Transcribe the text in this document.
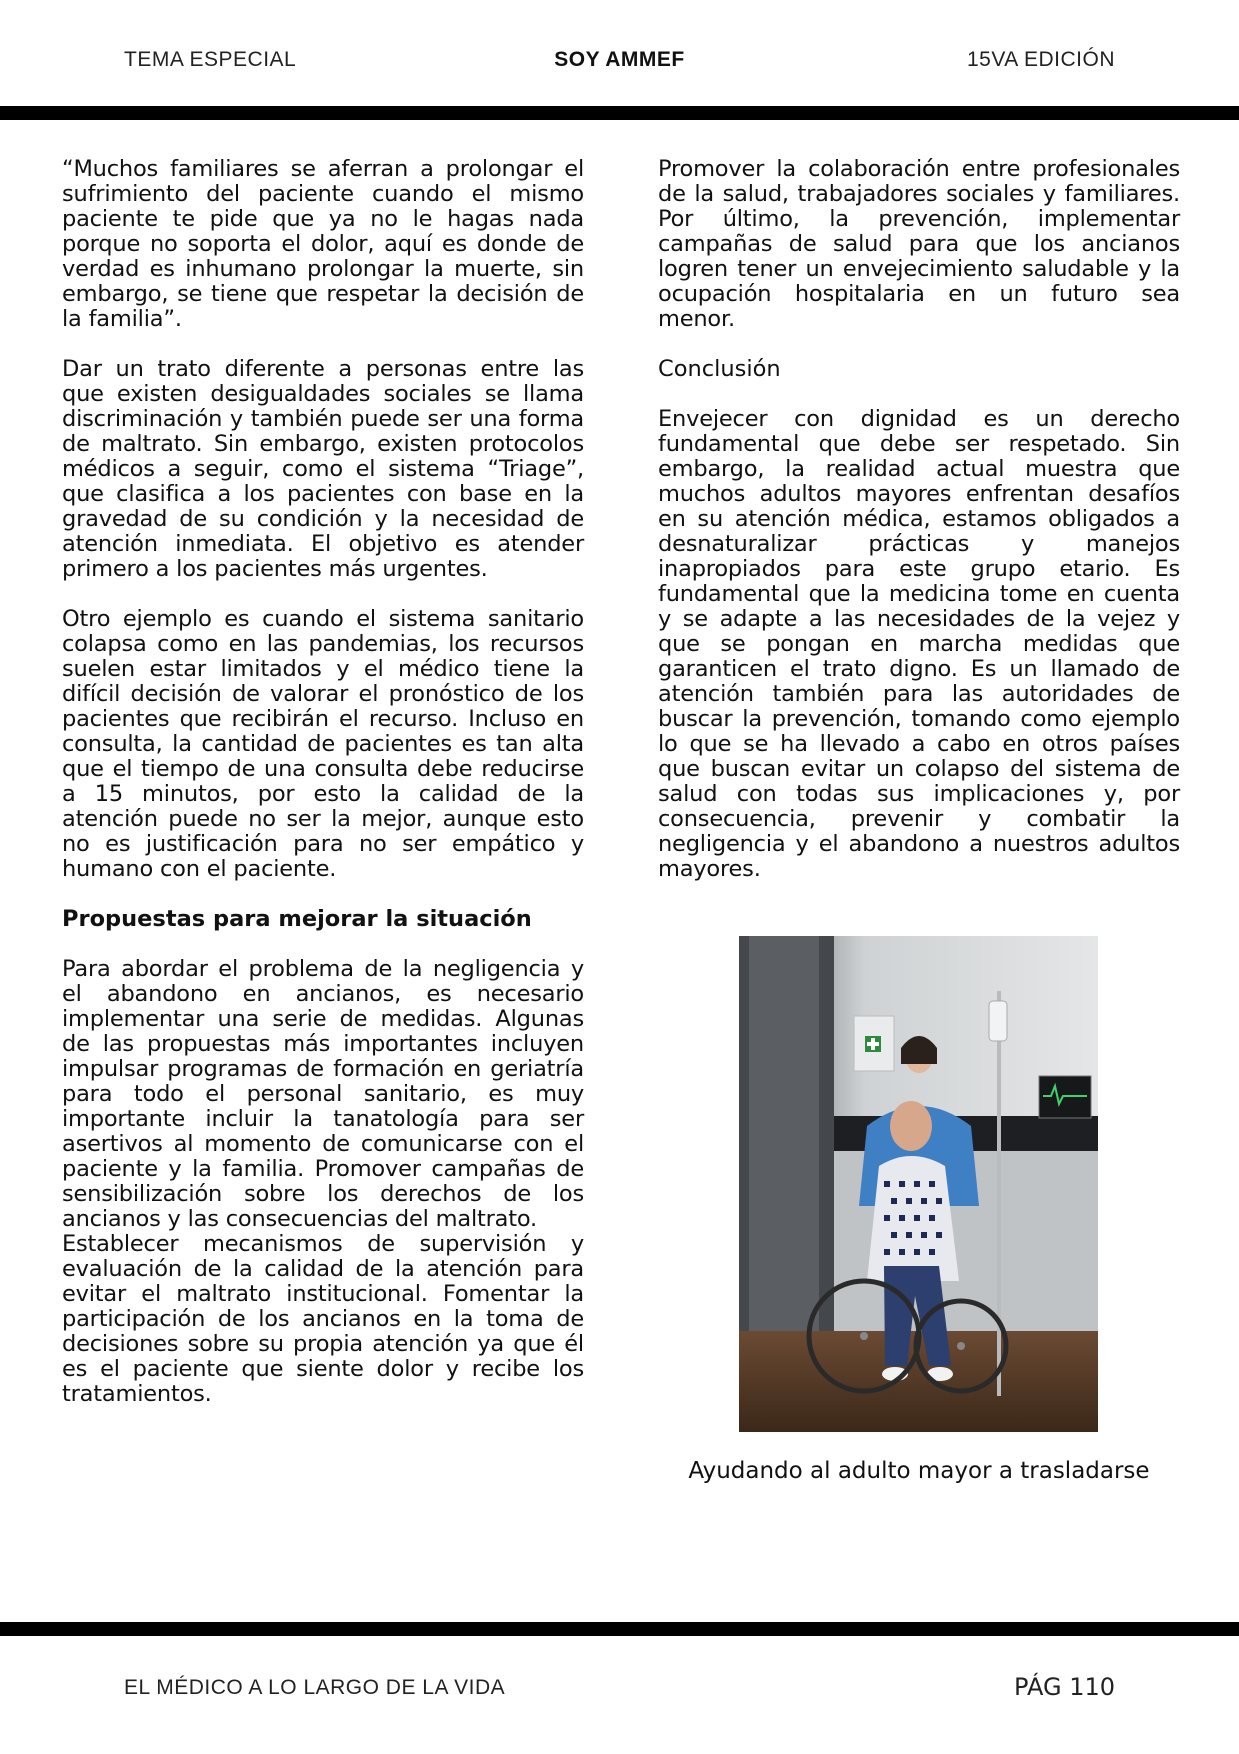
TEMA ESPECIAL	SOY AMMEF	15VA EDICIÓN

“Muchos familiares se aferran a prolongar el sufrimiento del paciente cuando el mismo paciente te pide que ya no le hagas nada porque no soporta el dolor, aquí es donde de verdad es inhumano prolongar la muerte, sin embargo, se tiene que respetar la decisión de la familia”.

Dar un trato diferente a personas entre las que existen desigualdades sociales se llama discriminación y también puede ser una forma de maltrato. Sin embargo, existen protocolos médicos a seguir, como el sistema “Triage”, que clasifica a los pacientes con base en la gravedad de su condición y la necesidad de atención inmediata. El objetivo es atender primero a los pacientes más urgentes.

Otro ejemplo es cuando el sistema sanitario colapsa como en las pandemias, los recursos suelen estar limitados y el médico tiene la difícil decisión de valorar el pronóstico de los pacientes que recibirán el recurso. Incluso en consulta, la cantidad de pacientes es tan alta que el tiempo de una consulta debe reducirse a 15 minutos, por esto la calidad de la atención puede no ser la mejor, aunque esto no es justificación para no ser empático y humano con el paciente.

Propuestas para mejorar la situación

Para abordar el problema de la negligencia y el abandono en ancianos, es necesario implementar una serie de medidas. Algunas de las propuestas más importantes incluyen impulsar programas de formación en geriatría para todo el personal sanitario, es muy importante incluir la tanatología para ser asertivos al momento de comunicarse con el paciente y la familia. Promover campañas de sensibilización sobre los derechos de los ancianos y las consecuencias del maltrato.

Establecer mecanismos de supervisión y evaluación de la calidad de la atención para evitar el maltrato institucional. Fomentar la participación de los ancianos en la toma de decisiones sobre su propia atención ya que él es el paciente que siente dolor y recibe los tratamientos.

Promover la colaboración entre profesionales de la salud, trabajadores sociales y familiares. Por último, la prevención, implementar campañas de salud para que los ancianos logren tener un envejecimiento saludable y la ocupación hospitalaria en un futuro sea menor.

Conclusión

Envejecer con dignidad es un derecho fundamental que debe ser respetado. Sin embargo, la realidad actual muestra que muchos adultos mayores enfrentan desafíos en su atención médica, estamos obligados a desnaturalizar prácticas y manejos inapropiados para este grupo etario. Es fundamental que la medicina tome en cuenta y se adapte a las necesidades de la vejez y que se pongan en marcha medidas que garanticen el trato digno. Es un llamado de atención también para las autoridades de buscar la prevención, tomando como ejemplo lo que se ha llevado a cabo en otros países que buscan evitar un colapso del sistema de salud con todas sus implicaciones y, por consecuencia, prevenir y combatir la negligencia y el abandono a nuestros adultos mayores.

Ayudando al adulto mayor a trasladarse
EL MÉDICO A LO LARGO DE LA VIDA	PÁG 110
